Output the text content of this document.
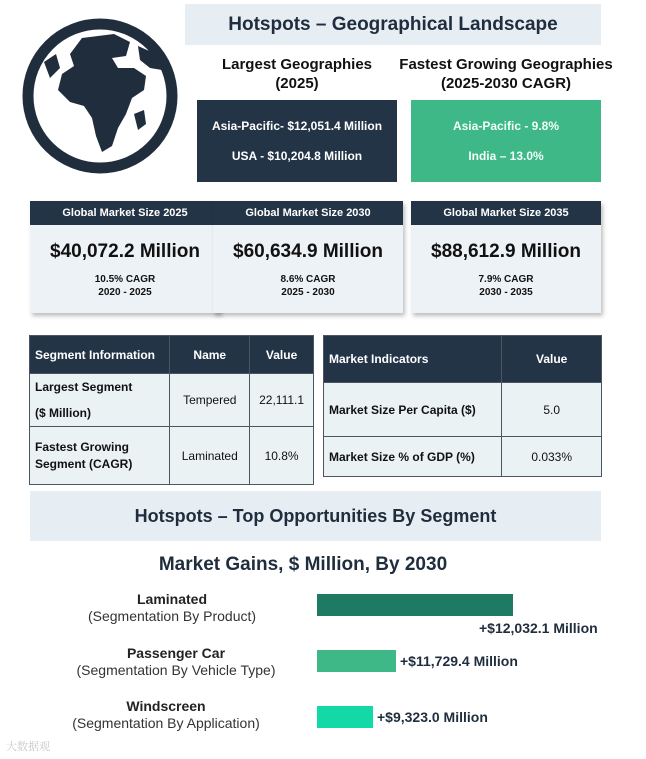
Hotspots – Geographical Landscape
Largest Geographies
(2025)
Fastest Growing Geographies
(2025-2030 CAGR)
Asia-Pacific- $12,051.4 Million
USA - $10,204.8 Million
Asia-Pacific - 9.8%
India – 13.0%
Global Market Size 2025
$40,072.2 Million
10.5% CAGR
2020 - 2025
Global Market Size 2030
$60,634.9 Million
8.6% CAGR
2025 - 2030
Global Market Size 2035
$88,612.9 Million
7.9% CAGR
2030 - 2035
Segment Information	Name	Value

Largest Segment
($ Million)	Tempered	22,111.1

Fastest Growing
Segment (CAGR)	Laminated	10.8%
Market Indicators	Value
Market Size Per Capita ($)	5.0
Market Size % of GDP (%)	0.033%
Hotspots – Top Opportunities By Segment
Market Gains, $ Million, By 2030
Laminated
(Segmentation By Product)
Passenger Car
(Segmentation By Vehicle Type)
Windscreen
(Segmentation By Application)
+$12,032.1 Million
+$11,729.4 Million
+$9,323.0 Million
大数据观
